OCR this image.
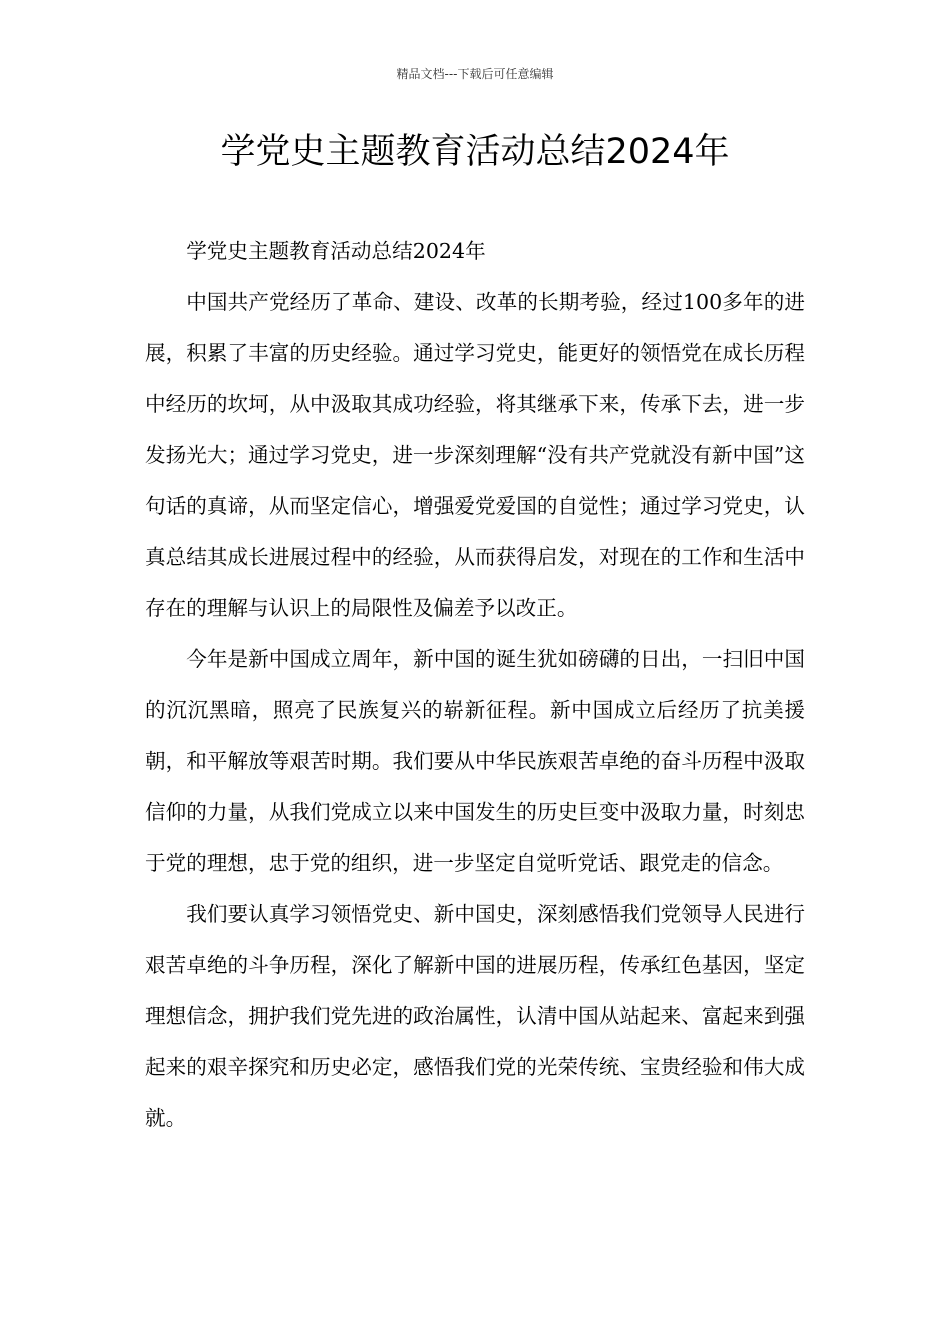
精品文档---下载后可任意编辑
学党史主题教育活动总结2024年

学党史主题教育活动总结2024年

中国共产党经历了革命、建设、改革的长期考验，经过100多年的进展，积累了丰富的历史经验。通过学习党史，能更好的领悟党在成长历程中经历的坎坷，从中汲取其成功经验，将其继承下来，传承下去，进一步发扬光大；通过学习党史，进一步深刻理解“没有共产党就没有新中国”这句话的真谛，从而坚定信心，增强爱党爱国的自觉性；通过学习党史，认真总结其成长进展过程中的经验，从而获得启发，对现在的工作和生活中存在的理解与认识上的局限性及偏差予以改正。

今年是新中国成立周年，新中国的诞生犹如磅礴的日出，一扫旧中国的沉沉黑暗，照亮了民族复兴的崭新征程。新中国成立后经历了抗美援朝，和平解放等艰苦时期。我们要从中华民族艰苦卓绝的奋斗历程中汲取信仰的力量，从我们党成立以来中国发生的历史巨变中汲取力量，时刻忠于党的理想，忠于党的组织，进一步坚定自觉听党话、跟党走的信念。

我们要认真学习领悟党史、新中国史，深刻感悟我们党领导人民进行艰苦卓绝的斗争历程，深化了解新中国的进展历程，传承红色基因，坚定理想信念，拥护我们党先进的政治属性，认清中国从站起来、富起来到强起来的艰辛探究和历史必定，感悟我们党的光荣传统、宝贵经验和伟大成就。
